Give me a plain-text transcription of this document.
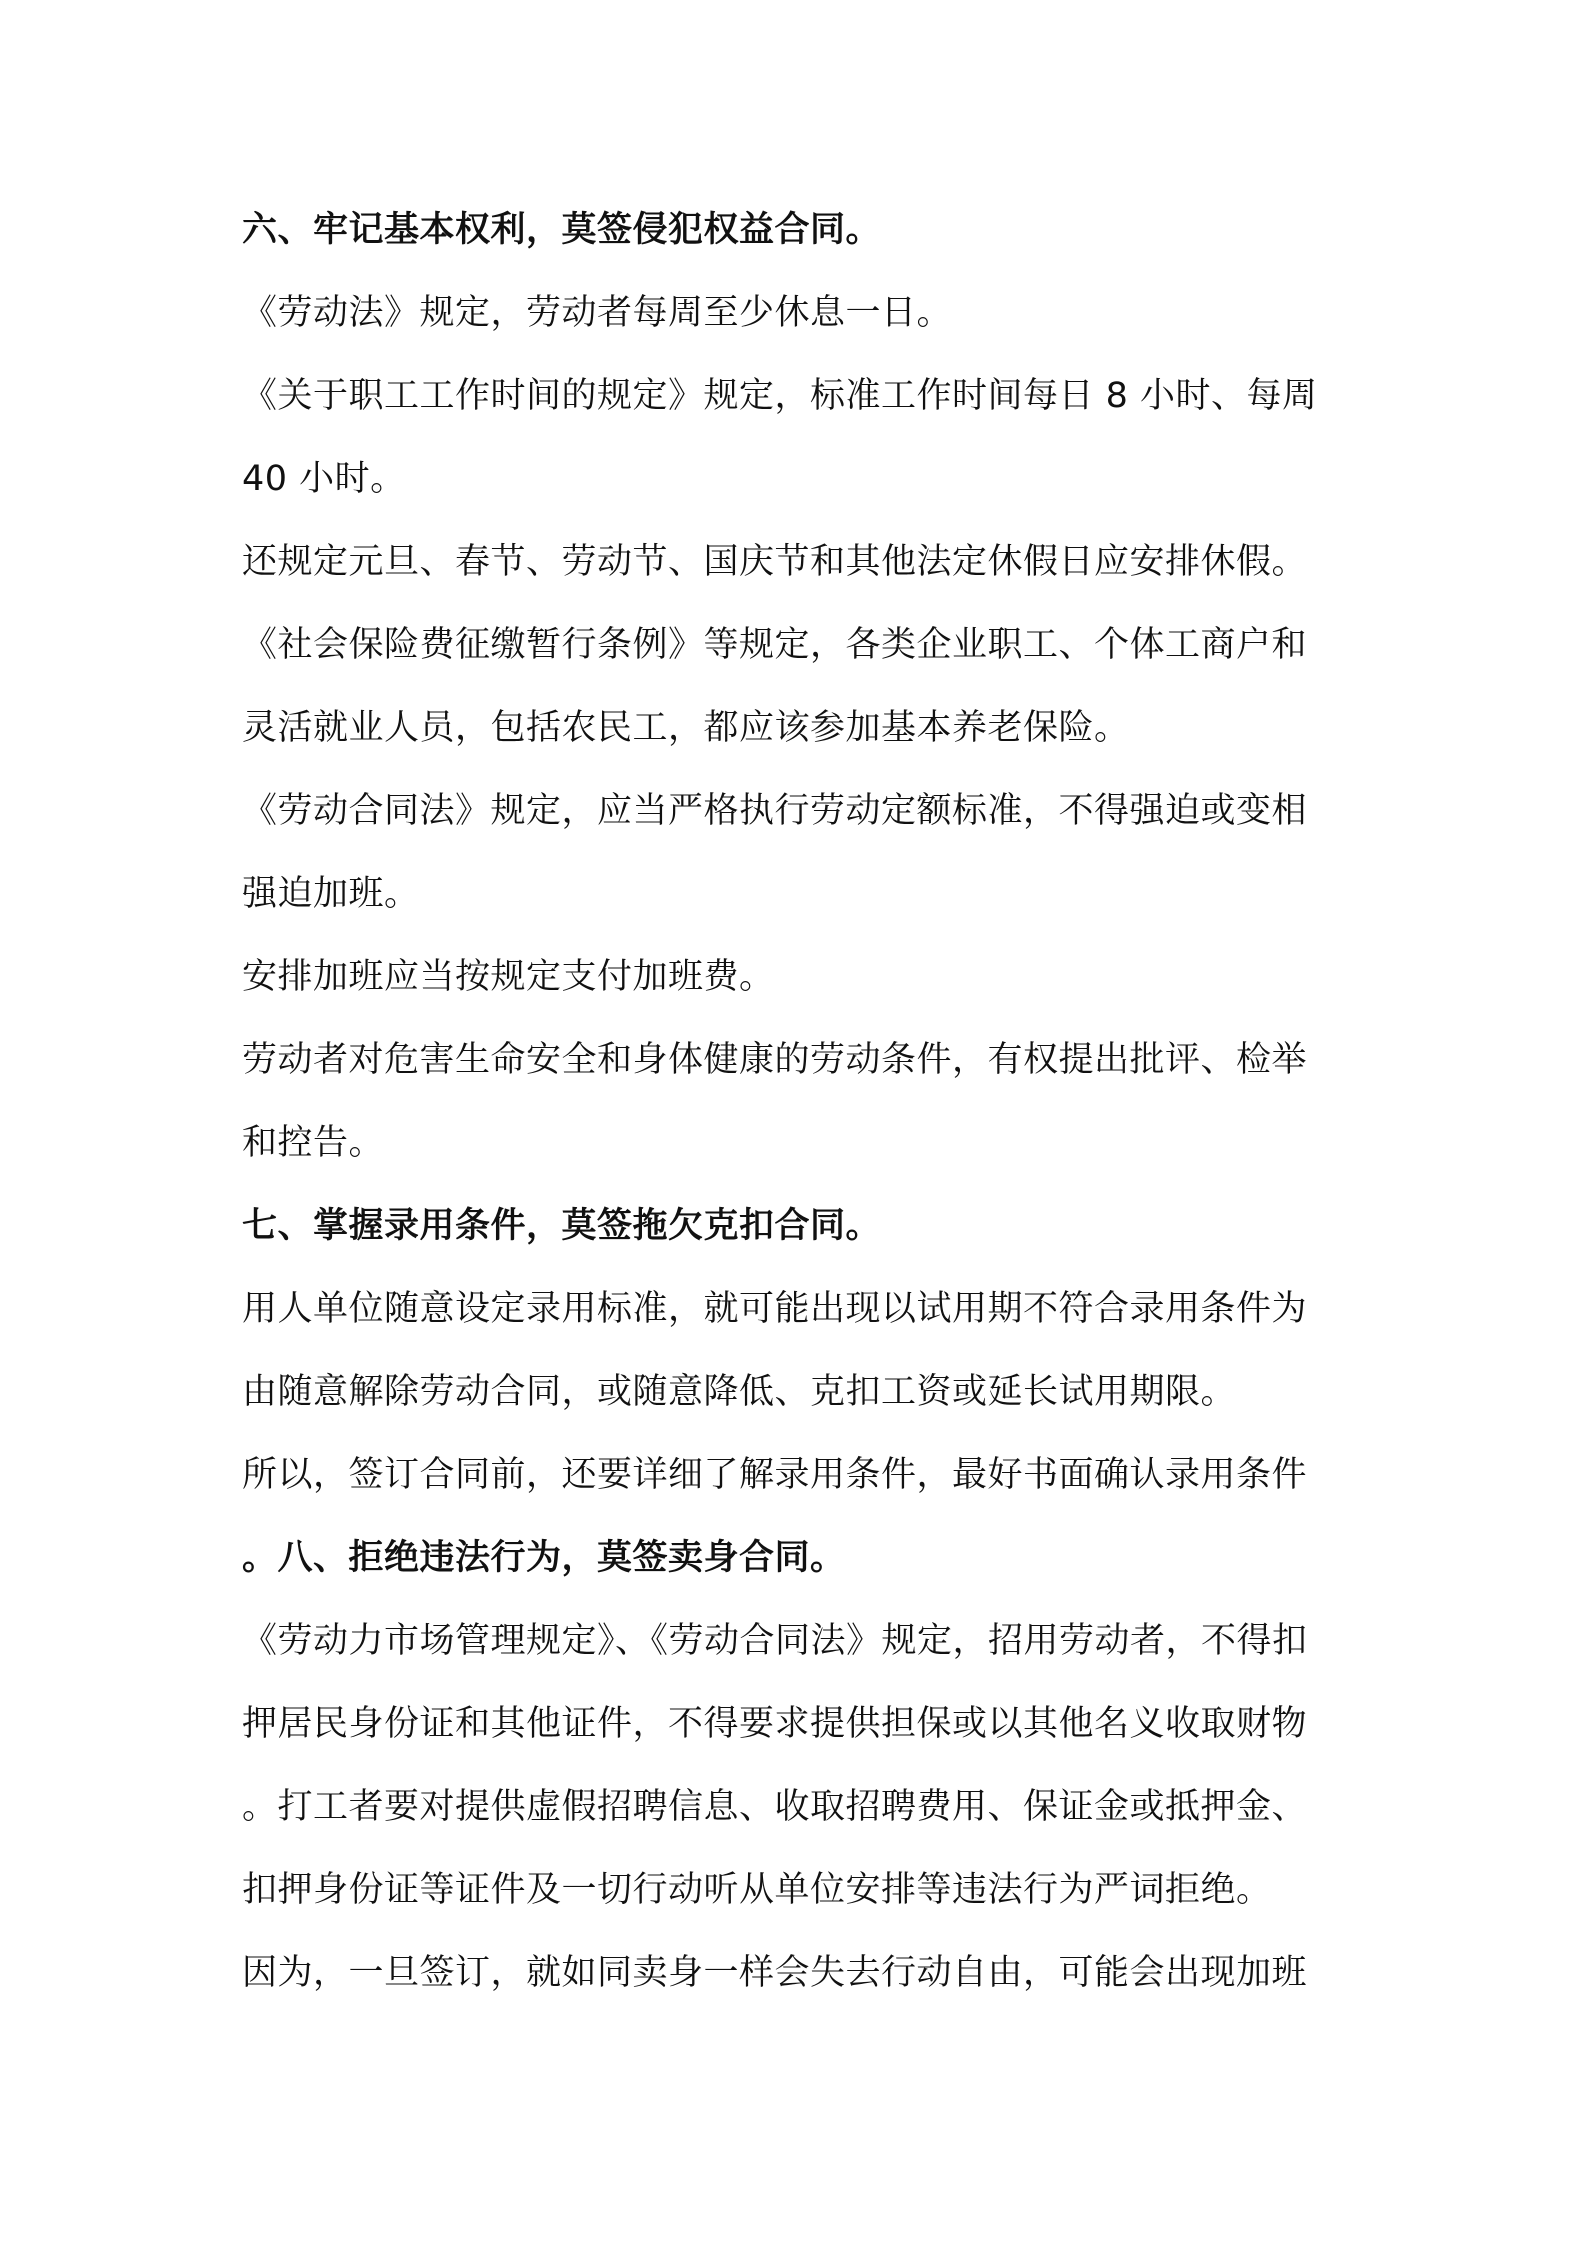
六、牢记基本权利，莫签侵犯权益合同。
《劳动法》规定，劳动者每周至少休息一日。
《关于职工工作时间的规定》规定，标准工作时间每日 8 小时、每周
40 小时。
还规定元旦、春节、劳动节、国庆节和其他法定休假日应安排休假。
《社会保险费征缴暂行条例》等规定，各类企业职工、个体工商户和
灵活就业人员，包括农民工，都应该参加基本养老保险。
《劳动合同法》规定，应当严格执行劳动定额标准，不得强迫或变相
强迫加班。
安排加班应当按规定支付加班费。
劳动者对危害生命安全和身体健康的劳动条件，有权提出批评、检举
和控告。
七、掌握录用条件，莫签拖欠克扣合同。
用人单位随意设定录用标准，就可能出现以试用期不符合录用条件为
由随意解除劳动合同，或随意降低、克扣工资或延长试用期限。
所以，签订合同前，还要详细了解录用条件，最好书面确认录用条件
。八、拒绝违法行为，莫签卖身合同。
《劳动力市场管理规定》、《劳动合同法》规定，招用劳动者，不得扣
押居民身份证和其他证件，不得要求提供担保或以其他名义收取财物
。打工者要对提供虚假招聘信息、收取招聘费用、保证金或抵押金、
扣押身份证等证件及一切行动听从单位安排等违法行为严词拒绝。
因为，一旦签订，就如同卖身一样会失去行动自由，可能会出现加班
